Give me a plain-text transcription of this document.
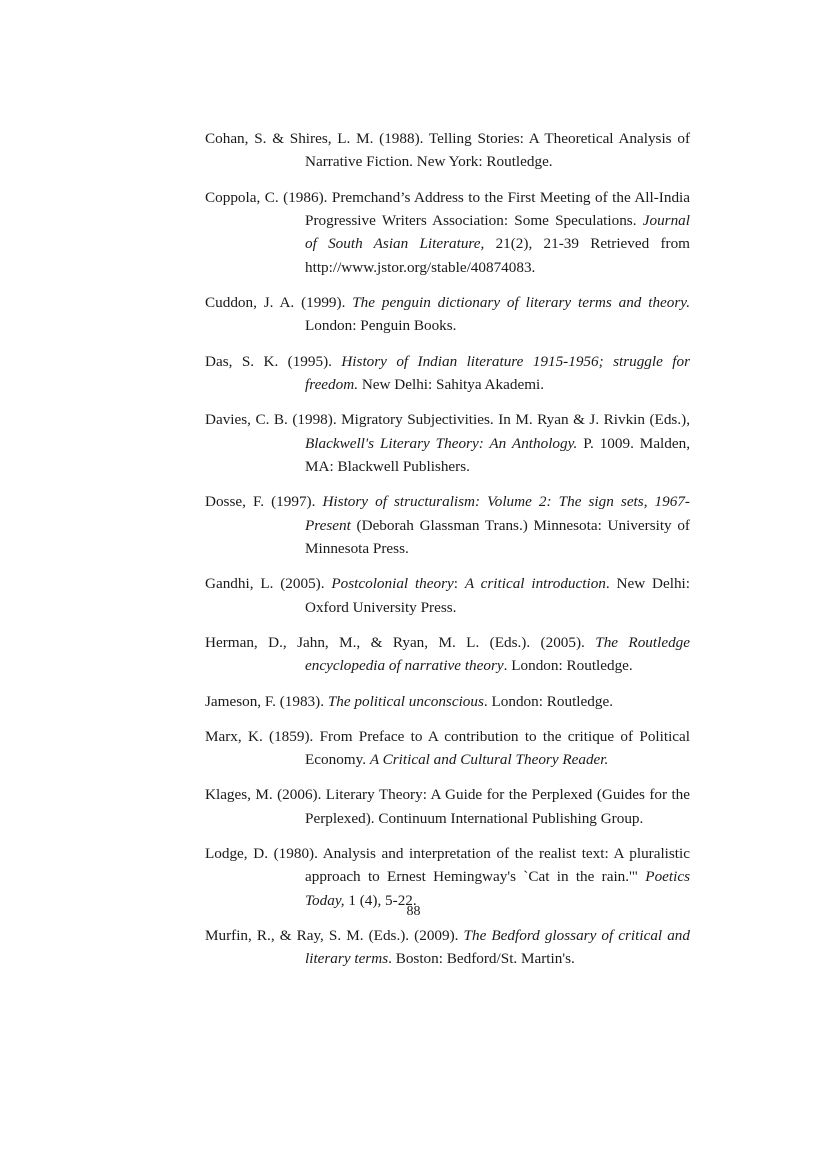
Cohan, S. & Shires, L. M. (1988). Telling Stories: A Theoretical Analysis of Narrative Fiction. New York: Routledge.

Coppola, C. (1986). Premchand’s Address to the First Meeting of the All-India Progressive Writers Association: Some Speculations. Journal of South Asian Literature, 21(2), 21-39 Retrieved from http://www.jstor.org/stable/40874083.

Cuddon, J. A. (1999). The penguin dictionary of literary terms and theory. London: Penguin Books.

Das, S. K. (1995). History of Indian literature 1915-1956; struggle for freedom. New Delhi: Sahitya Akademi.

Davies, C. B. (1998). Migratory Subjectivities. In M. Ryan & J. Rivkin (Eds.), Blackwell's Literary Theory: An Anthology. P. 1009. Malden, MA: Blackwell Publishers.

Dosse, F. (1997). History of structuralism: Volume 2: The sign sets, 1967-Present (Deborah Glassman Trans.) Minnesota: University of Minnesota Press.

Gandhi, L. (2005). Postcolonial theory: A critical introduction. New Delhi: Oxford University Press.

Herman, D., Jahn, M., & Ryan, M. L. (Eds.). (2005). The Routledge encyclopedia of narrative theory. London: Routledge.

Jameson, F. (1983). The political unconscious. London: Routledge.

Marx, K. (1859). From Preface to A contribution to the critique of Political Economy. A Critical and Cultural Theory Reader.

Klages, M. (2006). Literary Theory: A Guide for the Perplexed (Guides for the Perplexed). Continuum International Publishing Group.

Lodge, D. (1980). Analysis and interpretation of the realist text: A pluralistic approach to Ernest Hemingway's `Cat in the rain.'" Poetics Today, 1 (4), 5-22.

Murfin, R., & Ray, S. M. (Eds.). (2009). The Bedford glossary of critical and literary terms. Boston: Bedford/St. Martin's.

88
